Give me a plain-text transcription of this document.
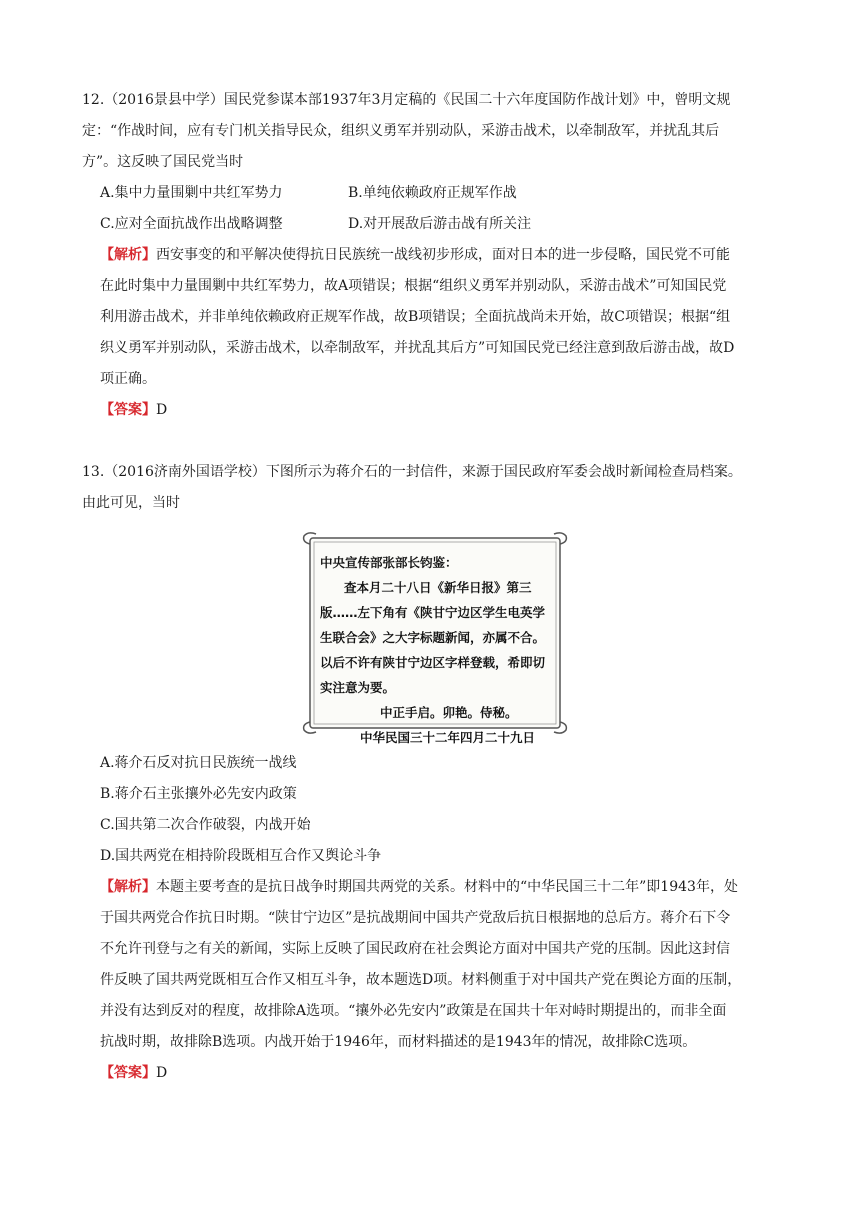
12.（2016景县中学）国民党参谋本部1937年3月定稿的《民国二十六年度国防作战计划》中，曾明文规
定：“作战时间，应有专门机关指导民众，组织义勇军并别动队，采游击战术，以牵制敌军，并扰乱其后
方”。这反映了国民党当时

A.集中力量围剿中共红军势力	B.单纯依赖政府正规军作战
C.应对全面抗战作出战略调整	D.对开展敌后游击战有所关注

【解析】西安事变的和平解决使得抗日民族统一战线初步形成，面对日本的进一步侵略，国民党不可能
在此时集中力量围剿中共红军势力，故A项错误；根据“组织义勇军并别动队，采游击战术”可知国民党
利用游击战术，并非单纯依赖政府正规军作战，故B项错误；全面抗战尚未开始，故C项错误；根据“组
织义勇军并别动队，采游击战术，以牵制敌军，并扰乱其后方”可知国民党已经注意到敌后游击战，故D
项正确。

【答案】D

13.（2016济南外国语学校）下图所示为蒋介石的一封信件，来源于国民政府军委会战时新闻检查局档案。
由此可见，当时

中央宣传部张部长钧鉴：

查本月二十八日《新华日报》第三

版……左下角有《陕甘宁边区学生电英学

生联合会》之大字标题新闻，亦属不合。

以后不许有陕甘宁边区字样登载，希即切

实注意为要。

中正手启。卯艳。侍秘。

中华民国三十二年四月二十九日

A.蒋介石反对抗日民族统一战线

B.蒋介石主张攘外必先安内政策

C.国共第二次合作破裂，内战开始

D.国共两党在相持阶段既相互合作又舆论斗争

【解析】本题主要考查的是抗日战争时期国共两党的关系。材料中的“中华民国三十二年”即1943年，处
于国共两党合作抗日时期。“陕甘宁边区”是抗战期间中国共产党敌后抗日根据地的总后方。蒋介石下令
不允许刊登与之有关的新闻，实际上反映了国民政府在社会舆论方面对中国共产党的压制。因此这封信
件反映了国共两党既相互合作又相互斗争，故本题选D项。材料侧重于对中国共产党在舆论方面的压制，
并没有达到反对的程度，故排除A选项。“攘外必先安内”政策是在国共十年对峙时期提出的，而非全面
抗战时期，故排除B选项。内战开始于1946年，而材料描述的是1943年的情况，故排除C选项。

【答案】D
